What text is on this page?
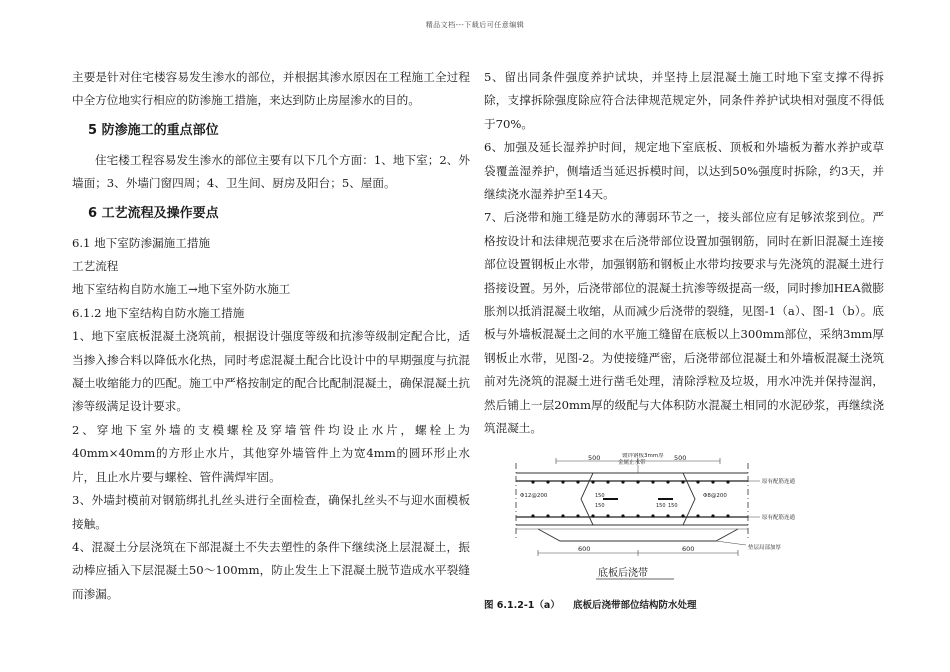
精品文档---下载后可任意编辑

主要是针对住宅楼容易发生渗水的部位，并根据其渗水原因在工程施工全过程中全方位地实行相应的防渗施工措施，来达到防止房屋渗水的目的。

5 防渗施工的重点部位

住宅楼工程容易发生渗水的部位主要有以下几个方面：1、地下室；2、外墙面；3、外墙门窗四周；4、卫生间、厨房及阳台；5、屋面。

6 工艺流程及操作要点

6.1 地下室防渗漏施工措施

工艺流程

地下室结构自防水施工→地下室外防水施工

6.1.2 地下室结构自防水施工措施

1、地下室底板混凝土浇筑前，根据设计强度等级和抗渗等级制定配合比，适当掺入掺合料以降低水化热，同时考虑混凝土配合比设计中的早期强度与抗混凝土收缩能力的匹配。施工中严格按制定的配合比配制混凝土，确保混凝土抗渗等级满足设计要求。

2、穿地下室外墙的支模螺栓及穿墙管件均设止水片，螺栓上为40mm×40mm的方形止水片，其他穿外墙管件上为宽4mm的圆环形止水片，且止水片要与螺栓、管件满焊牢固。

3、外墙封模前对钢筋绑扎扎丝头进行全面检查，确保扎丝头不与迎水面模板接触。

4、混凝土分层浇筑在下部混凝土不失去塑性的条件下继续浇上层混凝土，振动棒应插入下层混凝土50～100mm，防止发生上下混凝土脱节造成水平裂缝而渗漏。

5、留出同条件强度养护试块，并坚持上层混凝土施工时地下室支撑不得拆除，支撑拆除强度除应符合法律规范规定外，同条件养护试块相对强度不得低于70%。

6、加强及延长湿养护时间，规定地下室底板、顶板和外墙板为蓄水养护或草袋覆盖湿养护，侧墙适当延迟拆模时间，以达到50%强度时拆除，约3天，并继续浇水湿养护至14天。

7、后浇带和施工缝是防水的薄弱环节之一，接头部位应有足够浓浆到位。严格按设计和法律规范要求在后浇带部位设置加强钢筋，同时在新旧混凝土连接部位设置钢板止水带，加强钢筋和钢板止水带均按要求与先浇筑的混凝土进行搭接设置。另外，后浇带部位的混凝土抗渗等级提高一级，同时掺加HEA微膨胀剂以抵消混凝土收缩，从而减少后浇带的裂缝，见图-1（a）、图-1（b）。底板与外墙板混凝土之间的水平施工缝留在底板以上300mm部位，采纳3mm厚钢板止水带，见图-2。为使接缝严密，后浇带部位混凝土和外墙板混凝土浇筑前对先浇筑的混凝土进行凿毛处理，清除浮粒及垃圾，用水冲洗并保持湿润，然后铺上一层20mm厚的级配与大体积防水混凝土相同的水泥砂浆，再继续浇筑混凝土。

镀锌钢板3mm厚
金属止水带
500	500
Φ12@200	Φ8@200
150
150	150 150
600	600
原有配筋连通
原有配筋连通
垫层局部加厚
底板后浇带
图 6.1.2-1（a）    底板后浇带部位结构防水处理
